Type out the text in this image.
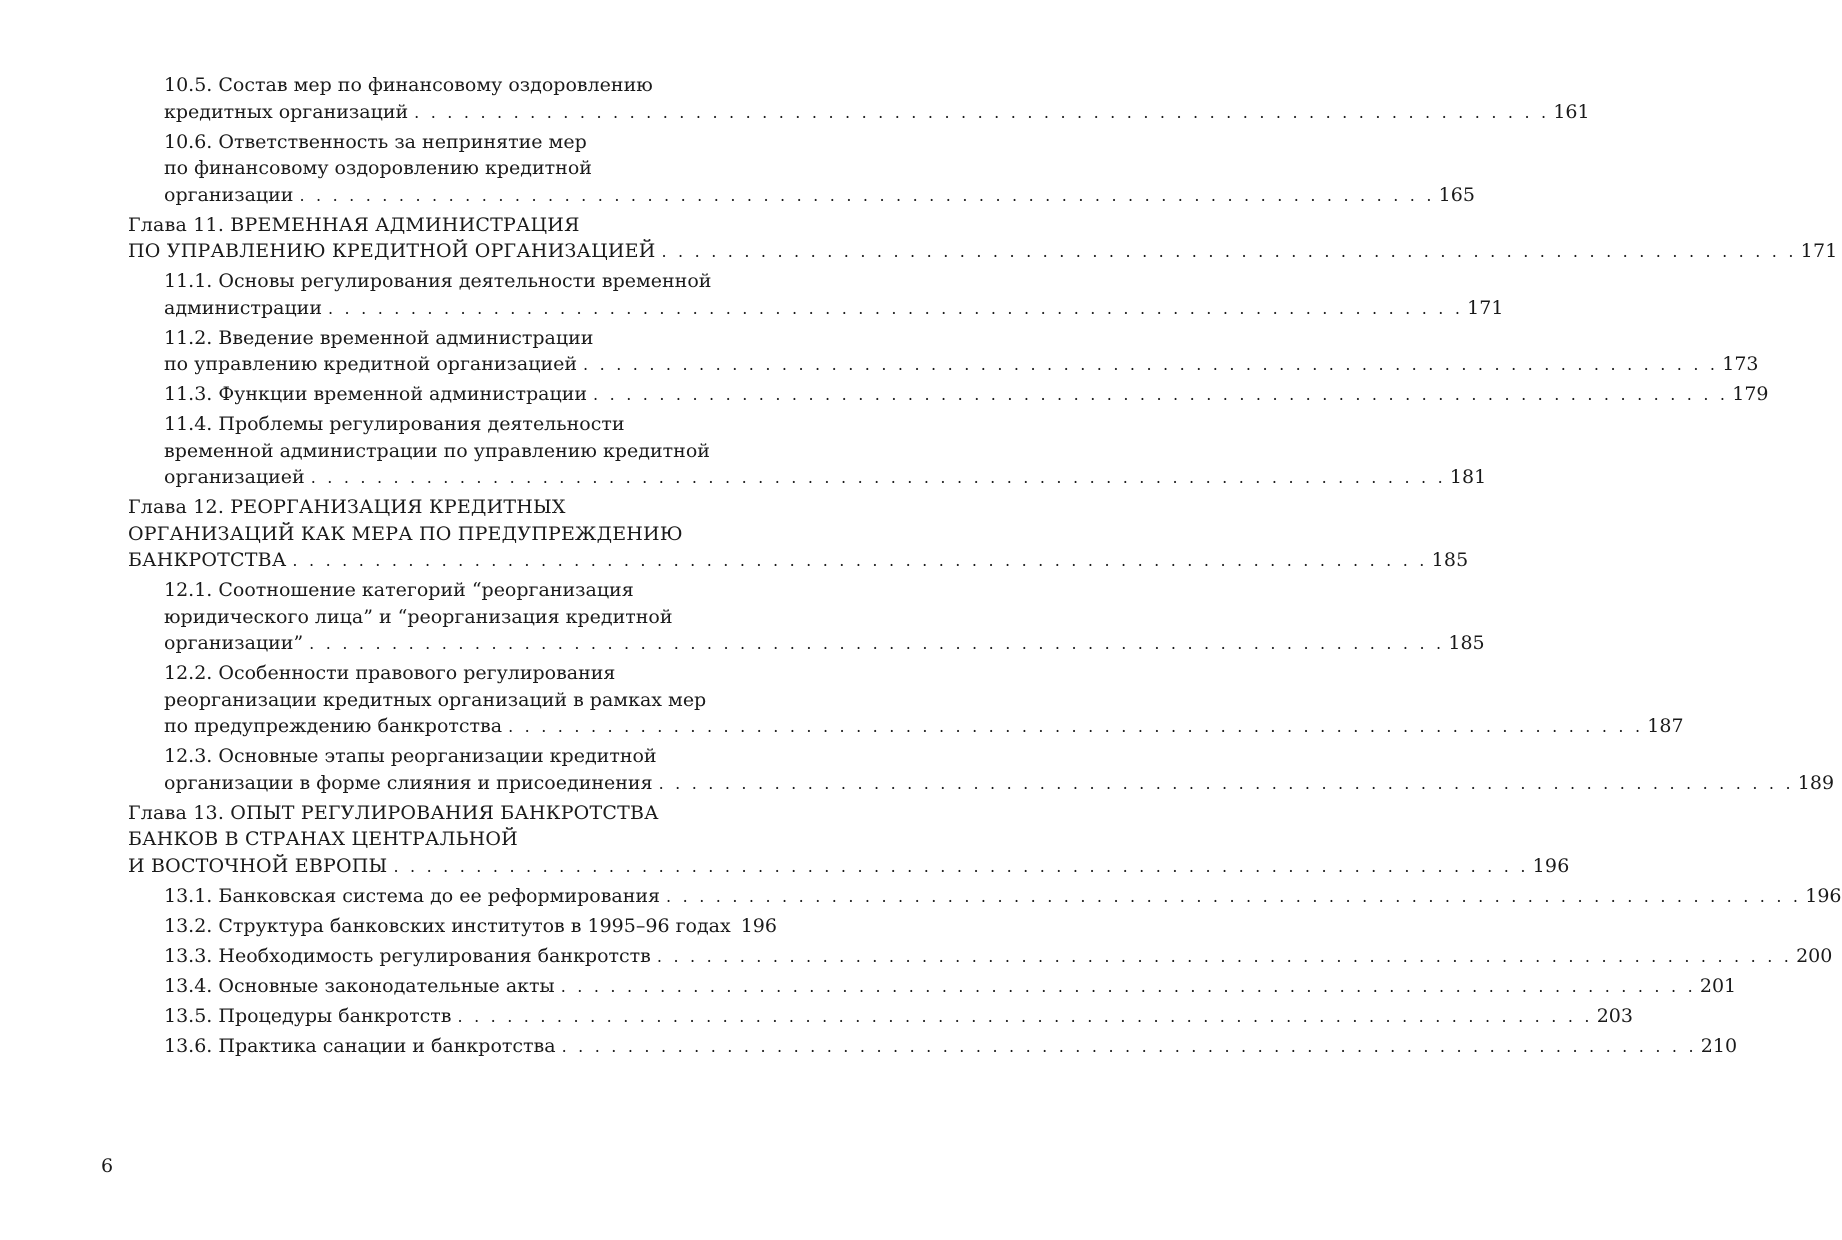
10.5. Состав мер по финансовому оздоровлению
кредитных организаций . . . . . . . . . . . . . . . . . . . . . . . . . . . . . . . . . . . . . . . . . . . . . . . . . . . . . . . . . . . . . . . . . . . . . 161
10.6. Ответственность за непринятие мер
по финансовому оздоровлению кредитной
организации . . . . . . . . . . . . . . . . . . . . . . . . . . . . . . . . . . . . . . . . . . . . . . . . . . . . . . . . . . . . . . . . . . . . . 165
Глава 11. ВРЕМЕННАЯ АДМИНИСТРАЦИЯ
ПО УПРАВЛЕНИЮ КРЕДИТНОЙ ОРГАНИЗАЦИЕЙ . . . . . . . . . . . . . . . . . . . . . . . . . . . . . . . . . . . . . . . . . . . . . . . . . . . . . . . . . . . . . . . . . . . . . 171
11.1. Основы регулирования деятельности временной
администрации . . . . . . . . . . . . . . . . . . . . . . . . . . . . . . . . . . . . . . . . . . . . . . . . . . . . . . . . . . . . . . . . . . . . . 171
11.2. Введение временной администрации
по управлению кредитной организацией . . . . . . . . . . . . . . . . . . . . . . . . . . . . . . . . . . . . . . . . . . . . . . . . . . . . . . . . . . . . . . . . . . . . . 173
11.3. Функции временной администрации . . . . . . . . . . . . . . . . . . . . . . . . . . . . . . . . . . . . . . . . . . . . . . . . . . . . . . . . . . . . . . . . . . . . . 179
11.4. Проблемы регулирования деятельности
временной администрации по управлению кредитной
организацией . . . . . . . . . . . . . . . . . . . . . . . . . . . . . . . . . . . . . . . . . . . . . . . . . . . . . . . . . . . . . . . . . . . . . 181
Глава 12. РЕОРГАНИЗАЦИЯ КРЕДИТНЫХ
ОРГАНИЗАЦИЙ КАК МЕРА ПО ПРЕДУПРЕЖДЕНИЮ
БАНКРОТСТВА . . . . . . . . . . . . . . . . . . . . . . . . . . . . . . . . . . . . . . . . . . . . . . . . . . . . . . . . . . . . . . . . . . . . . 185
12.1. Соотношение категорий “реорганизация
юридического лица” и “реорганизация кредитной
организации” . . . . . . . . . . . . . . . . . . . . . . . . . . . . . . . . . . . . . . . . . . . . . . . . . . . . . . . . . . . . . . . . . . . . . 185
12.2. Особенности правового регулирования
реорганизации кредитных организаций в рамках мер
по предупреждению банкротства . . . . . . . . . . . . . . . . . . . . . . . . . . . . . . . . . . . . . . . . . . . . . . . . . . . . . . . . . . . . . . . . . . . . . 187
12.3. Основные этапы реорганизации кредитной
организации в форме слияния и присоединения . . . . . . . . . . . . . . . . . . . . . . . . . . . . . . . . . . . . . . . . . . . . . . . . . . . . . . . . . . . . . . . . . . . . . 189
Глава 13. ОПЫТ РЕГУЛИРОВАНИЯ БАНКРОТСТВА
БАНКОВ В СТРАНАХ ЦЕНТРАЛЬНОЙ
И ВОСТОЧНОЙ ЕВРОПЫ . . . . . . . . . . . . . . . . . . . . . . . . . . . . . . . . . . . . . . . . . . . . . . . . . . . . . . . . . . . . . . . . . . . . . 196
13.1. Банковская система до ее реформирования . . . . . . . . . . . . . . . . . . . . . . . . . . . . . . . . . . . . . . . . . . . . . . . . . . . . . . . . . . . . . . . . . . . . . 196
13.2. Структура банковских институтов в 1995–96 годах 196
13.3. Необходимость регулирования банкротств . . . . . . . . . . . . . . . . . . . . . . . . . . . . . . . . . . . . . . . . . . . . . . . . . . . . . . . . . . . . . . . . . . . . . 200
13.4. Основные законодательные акты . . . . . . . . . . . . . . . . . . . . . . . . . . . . . . . . . . . . . . . . . . . . . . . . . . . . . . . . . . . . . . . . . . . . . 201
13.5. Процедуры банкротств . . . . . . . . . . . . . . . . . . . . . . . . . . . . . . . . . . . . . . . . . . . . . . . . . . . . . . . . . . . . . . . . . . . . . 203
13.6. Практика санации и банкротства . . . . . . . . . . . . . . . . . . . . . . . . . . . . . . . . . . . . . . . . . . . . . . . . . . . . . . . . . . . . . . . . . . . . . 210
6
